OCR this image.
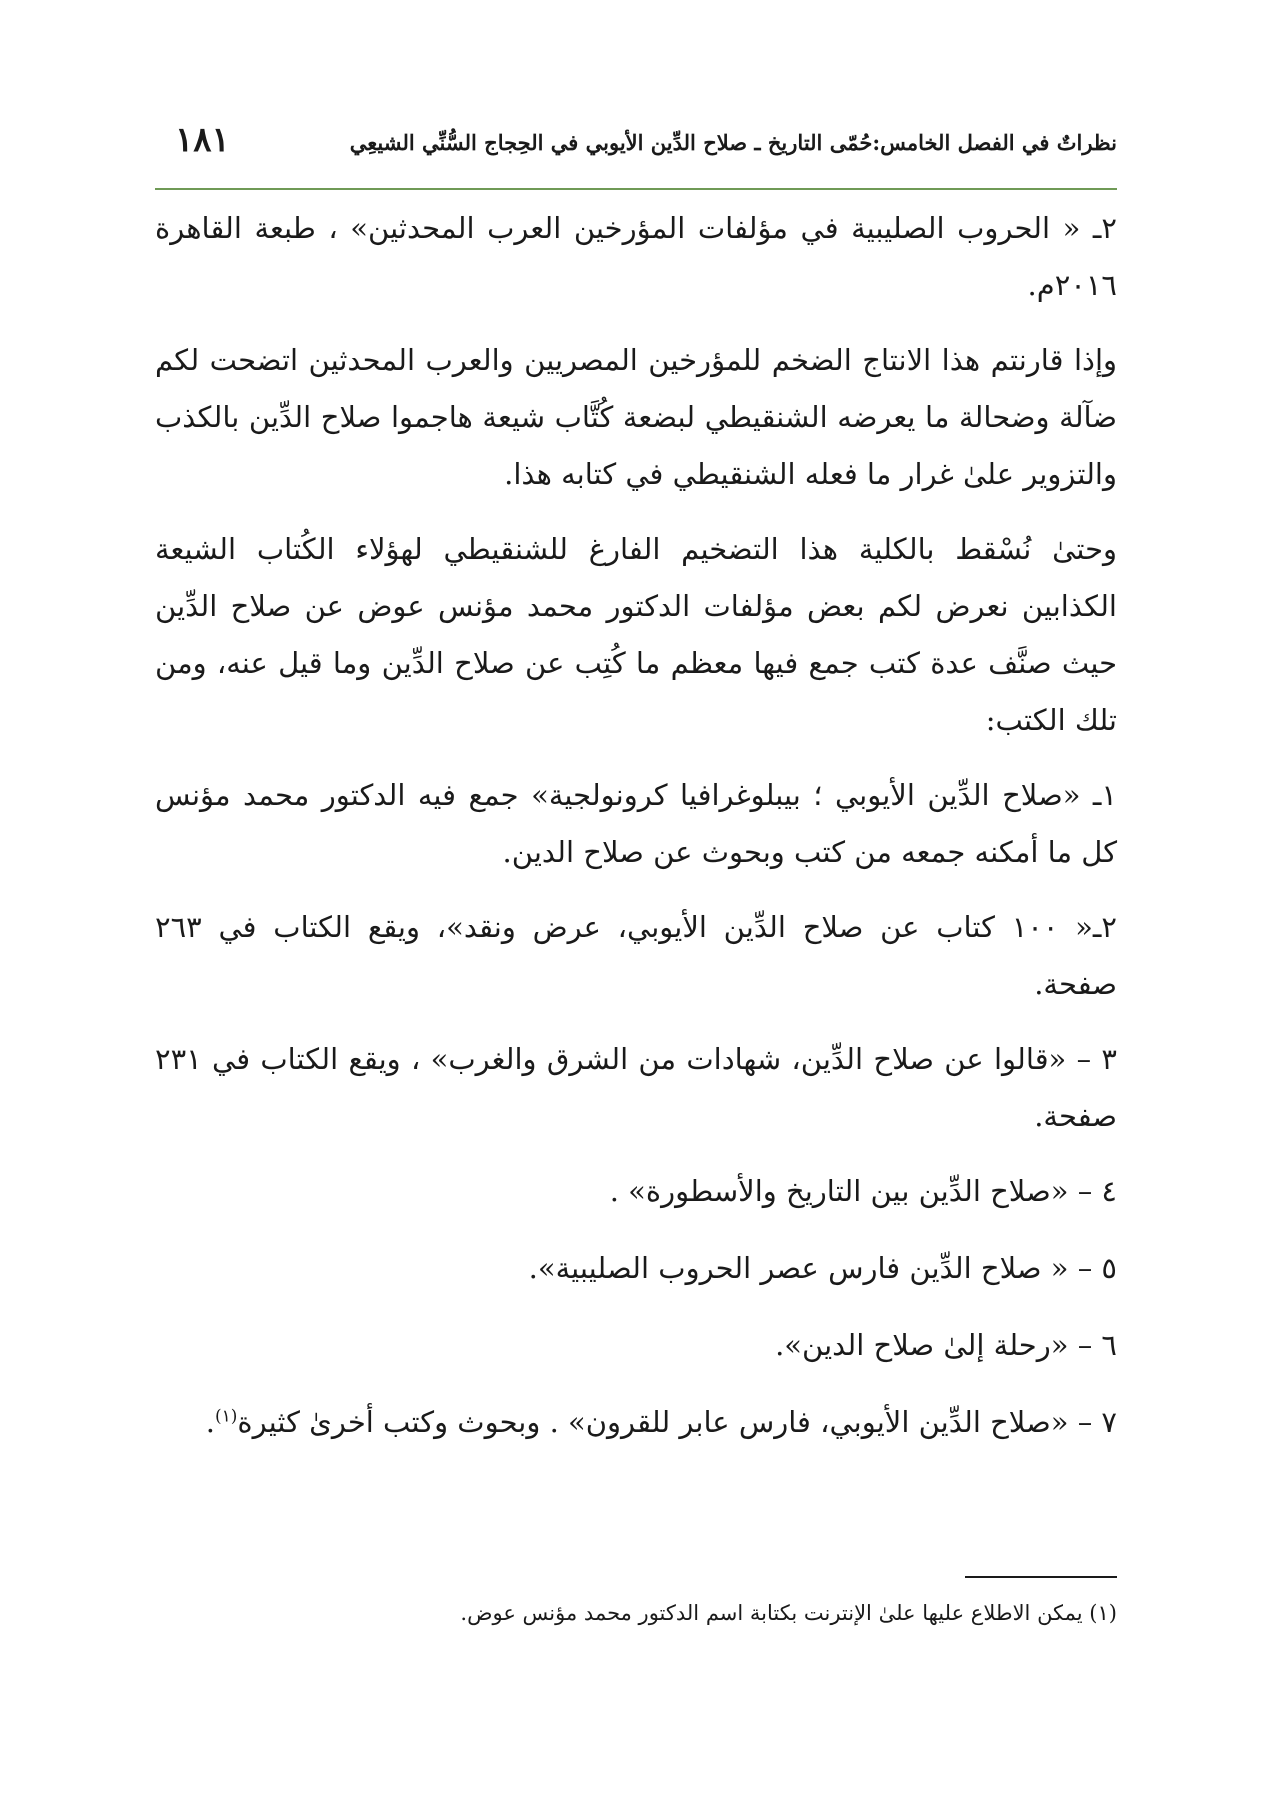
نظراتٌ في الفصل الخامس:حُمّى التاريخ ـ صلاح الدِّين الأيوبي في الحِجاج السُّنِّي الشيعِي
١٨١

٢ـ « الحروب الصليبية في مؤلفات المؤرخين العرب المحدثين» ، طبعة القاهرة ٢٠١٦م.

وإذا قارنتم هذا الانتاج الضخم للمؤرخين المصريين والعرب المحدثين اتضحت لكم ضآلة وضحالة ما يعرضه الشنقيطي لبضعة كُتَّاب شيعة هاجموا صلاح الدِّين بالكذب والتزوير علىٰ غرار ما فعله الشنقيطي في كتابه هذا.

وحتىٰ نُسْقط بالكلية هذا التضخيم الفارغ للشنقيطي لهؤلاء الكُتاب الشيعة الكذابين نعرض لكم بعض مؤلفات الدكتور محمد مؤنس عوض عن صلاح الدِّين حيث صنَّف عدة كتب جمع فيها معظم ما كُتِب عن صلاح الدِّين وما قيل عنه، ومن تلك الكتب:

١ـ «صلاح الدِّين الأيوبي ؛ بيبلوغرافيا كرونولجية» جمع فيه الدكتور محمد مؤنس كل ما أمكنه جمعه من كتب وبحوث عن صلاح الدين.

٢ـ« ١٠٠ كتاب عن صلاح الدِّين الأيوبي، عرض ونقد»، ويقع الكتاب في ٢٦٣ صفحة.

٣ – «قالوا عن صلاح الدِّين، شهادات من الشرق والغرب» ، ويقع الكتاب في ٢٣١ صفحة.

٤ – «صلاح الدِّين بين التاريخ والأسطورة» .

٥ – « صلاح الدِّين فارس عصر الحروب الصليبية».

٦ – «رحلة إلىٰ صلاح الدين».

٧ – «صلاح الدِّين الأيوبي، فارس عابر للقرون» . وبحوث وكتب أخرىٰ كثيرة$^{(١)}$.

(١) يمكن الاطلاع عليها علىٰ الإنترنت بكتابة اسم الدكتور محمد مؤنس عوض.
